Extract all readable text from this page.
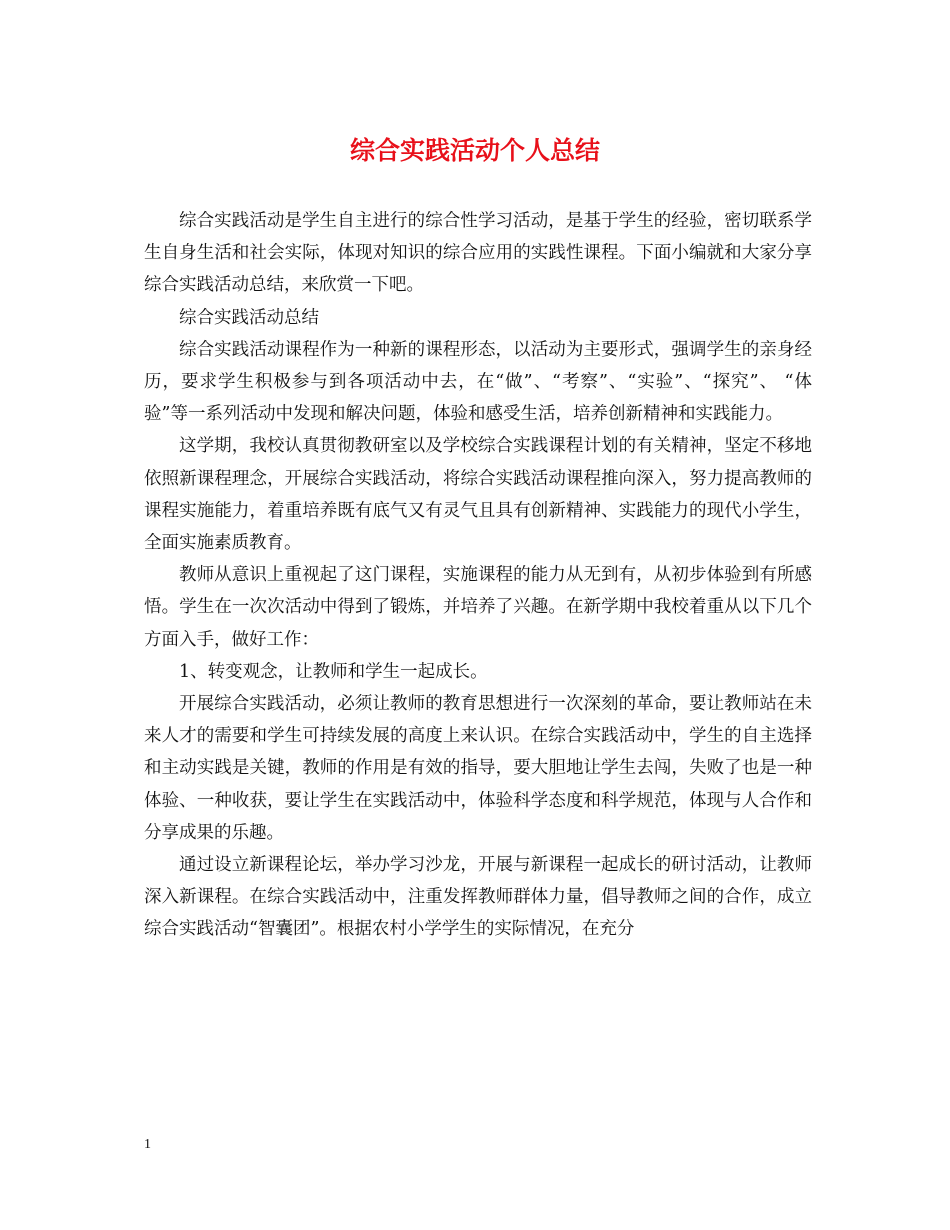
综合实践活动个人总结

综合实践活动是学生自主进行的综合性学习活动，是基于学生的经验，密切联系学生自身生活和社会实际，体现对知识的综合应用的实践性课程。下面小编就和大家分享综合实践活动总结，来欣赏一下吧。

综合实践活动总结

综合实践活动课程作为一种新的课程形态，以活动为主要形式，强调学生的亲身经历，要求学生积极参与到各项活动中去，在“做”、“考察”、“实验”、“探究”、 “体验”等一系列活动中发现和解决问题，体验和感受生活，培养创新精神和实践能力。

这学期，我校认真贯彻教研室以及学校综合实践课程计划的有关精神，坚定不移地依照新课程理念，开展综合实践活动，将综合实践活动课程推向深入，努力提高教师的课程实施能力，着重培养既有底气又有灵气且具有创新精神、实践能力的现代小学生，全面实施素质教育。

教师从意识上重视起了这门课程，实施课程的能力从无到有，从初步体验到有所感悟。学生在一次次活动中得到了锻炼，并培养了兴趣。在新学期中我校着重从以下几个方面入手，做好工作：

1、转变观念，让教师和学生一起成长。

开展综合实践活动，必须让教师的教育思想进行一次深刻的革命，要让教师站在未来人才的需要和学生可持续发展的高度上来认识。在综合实践活动中，学生的自主选择和主动实践是关键，教师的作用是有效的指导，要大胆地让学生去闯，失败了也是一种体验、一种收获，要让学生在实践活动中，体验科学态度和科学规范，体现与人合作和分享成果的乐趣。

通过设立新课程论坛，举办学习沙龙，开展与新课程一起成长的研讨活动，让教师深入新课程。在综合实践活动中，注重发挥教师群体力量，倡导教师之间的合作，成立综合实践活动“智囊团”。根据农村小学学生的实际情况，在充分

1
